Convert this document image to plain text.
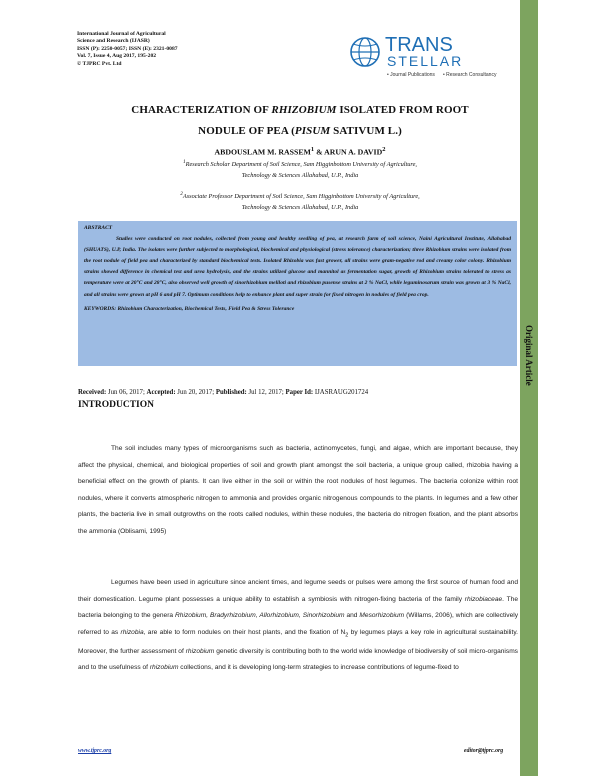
International Journal of Agricultural
Science and Research (IJASR)
ISSN (P): 2250-0057; ISSN (E): 2321-0087
Vol. 7, Issue 4, Aug 2017, 195-202
© TJPRC Pvt. Ltd
TRANS
STELLAR
• Journal Publications • Research Consultancy
CHARACTERIZATION OF RHIZOBIUM ISOLATED FROM ROOT
NODULE OF PEA (PISUM SATIVUM L.)
ABDOUSLAM M. RASSEM$^1$ & ARUN A. DAVID$^2$
$^1$Research Scholar Department of Soil Science, Sam Higginbottom University of Agriculture,
Technology & Sciences Allahabad, U.P., India
$^2$Associate Professor Department of Soil Science, Sam Higginbottom University of Agriculture,
Technology & Sciences Allahabad, U.P., India
ABSTRACT
Studies were conducted on root nodules, collected from young and healthy seedling of pea, at research farm of soil science, Naini Agricultural Institute, Allahabad (SHUATS), U.P, India. The isolates were further subjected to morphological, biochemical and physiological (stress tolerance) characterization; three Rhizobium strains were isolated from the root nodule of field pea and characterized by standard biochemical tests. Isolated Rhizobia was fast grower, all strains were gram-negative rod and creamy color colony. Rhizobium strains showed difference in chemical test and urea hydrolysis, and the strains utilized glucose and mannitol as fermentation sugar, growth of Rhizobium strains tolerated to stress as temperature were at 20°C and 28°C, also observed well growth of sinorhizobium meliloti and rhizobium pusense strains at 2 % NaCl, while leguminosarum strain was grown at 3 % NaCl, and all strains were grown at pH 6 and pH 7. Optimum conditions help to enhance plant and super strain for fixed nitrogen in nodules of field pea crop.
KEYWORDS: Rhizobium Characterization, Biochemical Tests, Field Pea & Stress Tolerance
Original Article
Received: Jun 06, 2017; Accepted: Jun 20, 2017; Published: Jul 12, 2017; Paper Id: IJASRAUG201724
INTRODUCTION
The soil includes many types of microorganisms such as bacteria, actinomycetes, fungi, and algae, which are important because, they affect the physical, chemical, and biological properties of soil and growth plant amongst the soil bacteria, a unique group called, rhizobia having a beneficial effect on the growth of plants. It can live either in the soil or within the root nodules of host legumes. The bacteria colonize within root nodules, where it converts atmospheric nitrogen to ammonia and provides organic nitrogenous compounds to the plants. In legumes and a few other plants, the bacteria live in small outgrowths on the roots called nodules, within these nodules, the bacteria do nitrogen fixation, and the plant absorbs the ammonia (Oblisami, 1995)
Legumes have been used in agriculture since ancient times, and legume seeds or pulses were among the first source of human food and their domestication. Legume plant possesses a unique ability to establish a symbiosis with nitrogen-fixing bacteria of the family rhizobiaceae. The bacteria belonging to the genera Rhizobium, Bradyrhizobium, Allorhizobium, Sinorhizobium and Mesorhizobium (Willams, 2006), which are collectively referred to as rhizobia, are able to form nodules on their host plants, and the fixation of $N_2$ by legumes plays a key role in agricultural sustainability. Moreover, the further assessment of rhizobium genetic diversity is contributing both to the world wide knowledge of biodiversity of soil micro-organisms and to the usefulness of rhizobium collections, and it is developing long-term strategies to increase contributions of legume-fixed to
www.tjprc.org	editor@tjprc.org
